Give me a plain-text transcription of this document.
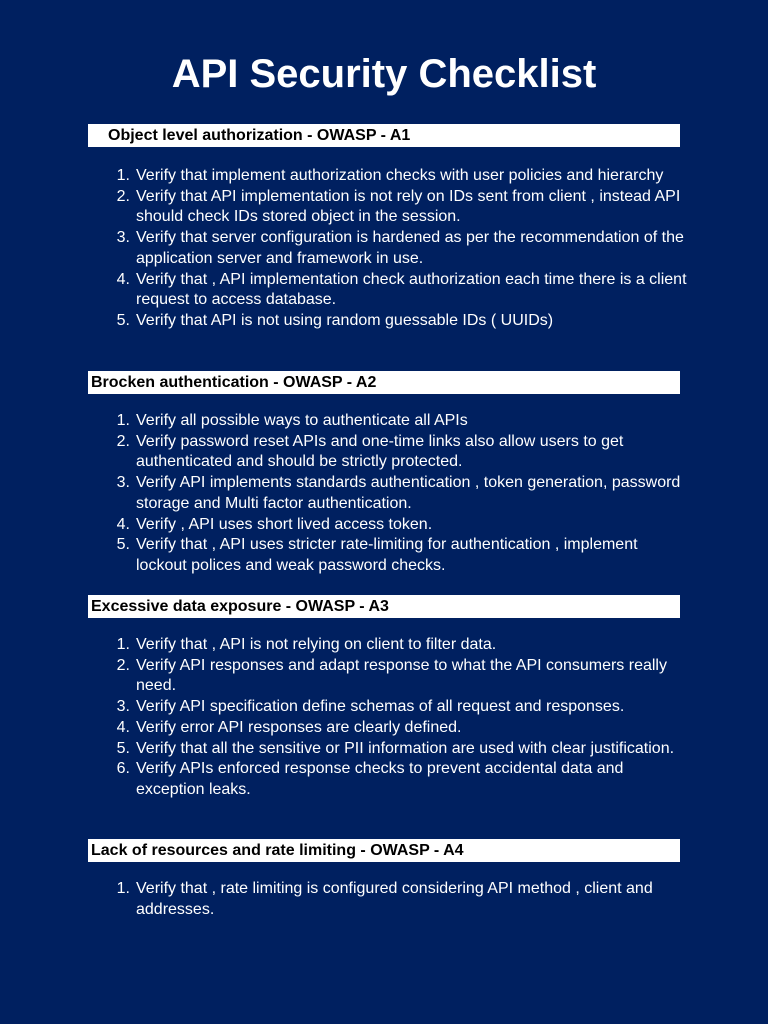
API Security Checklist
Object level authorization - OWASP - A1
1. Verify that implement authorization checks with user policies and hierarchy
2. Verify that API implementation is not rely on IDs sent from client , instead API should check IDs stored object in the session.
3. Verify that server configuration is hardened as per the recommendation of the application server and framework in use.
4. Verify that , API implementation check authorization each time there is a client request to access database.
5. Verify that API is not using random guessable IDs ( UUIDs)
Brocken authentication - OWASP - A2
1. Verify all possible ways to authenticate all APIs
2. Verify password reset APIs and one-time links also allow users to get authenticated and should be strictly protected.
3. Verify API implements standards authentication , token generation, password storage and Multi factor authentication.
4. Verify , API uses short lived access token.
5. Verify that , API uses stricter rate-limiting for authentication , implement lockout polices and weak password checks.
Excessive data exposure - OWASP - A3
1. Verify that , API is not relying on client to filter data.
2. Verify API responses and adapt response to what the API consumers really need.
3. Verify API specification define schemas of all request and responses.
4. Verify error API responses are clearly defined.
5. Verify that all the sensitive or PII information are used with clear justification.
6. Verify APIs enforced response checks to prevent accidental data and exception leaks.
Lack of resources and rate limiting - OWASP - A4
1. Verify that , rate limiting is configured considering API method , client and addresses.
